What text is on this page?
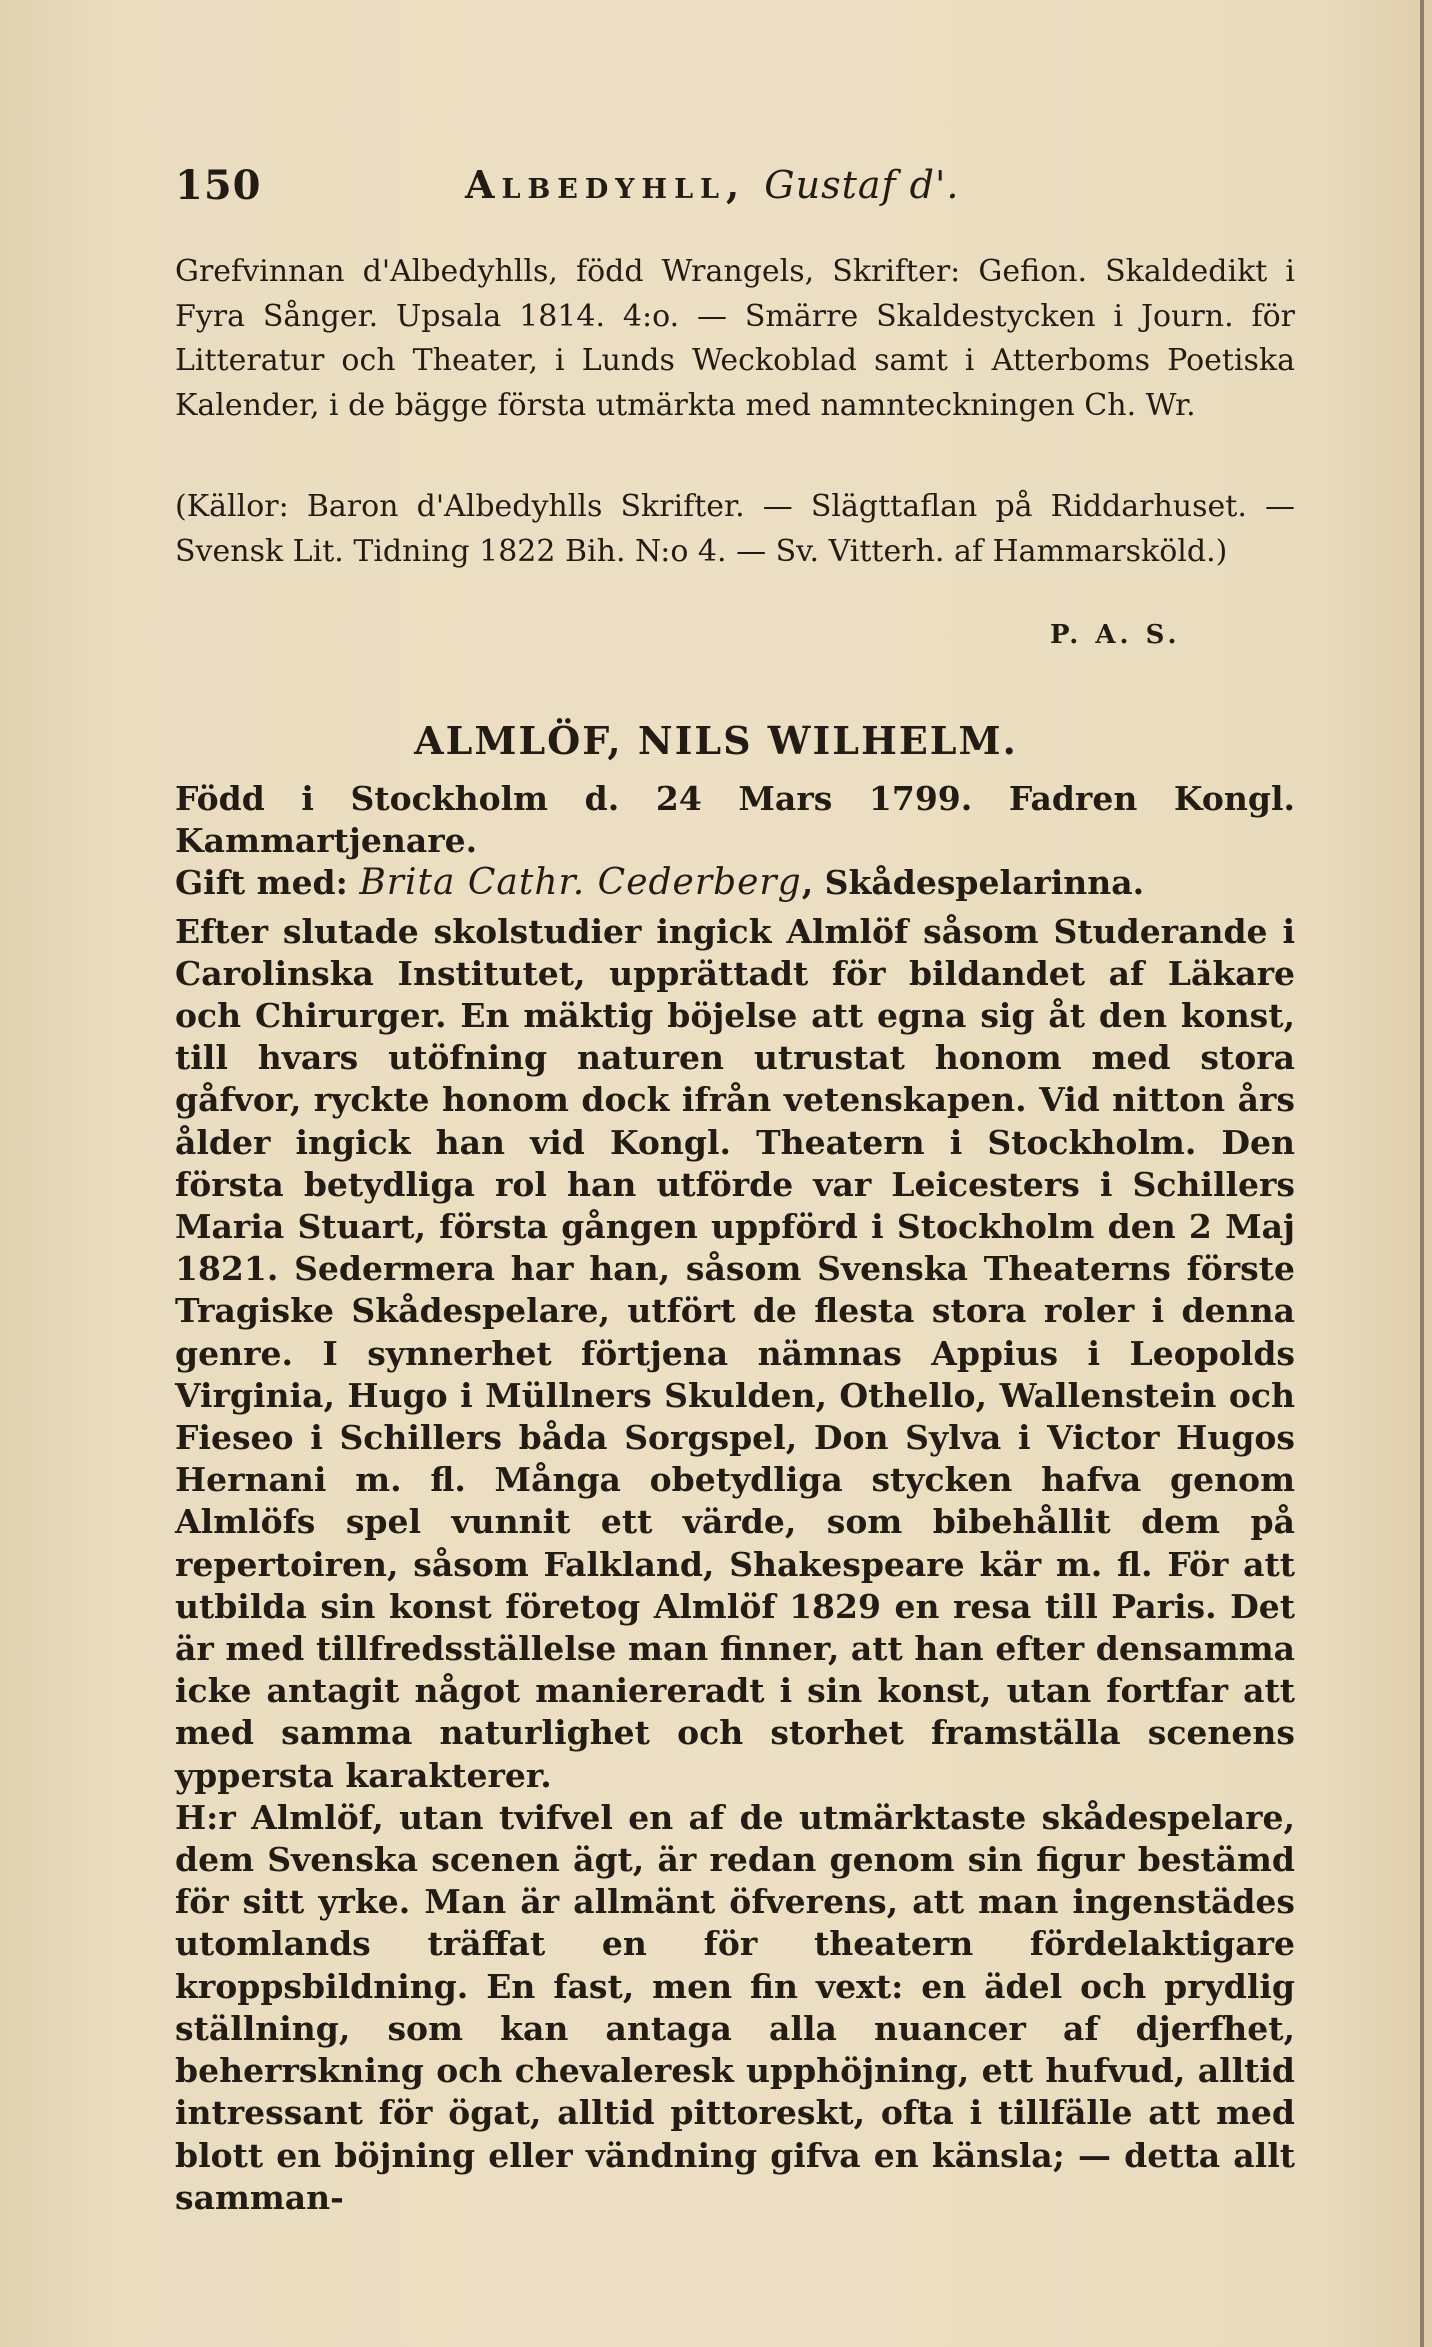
150	Albedyhll, Gustaf d'.

Grefvinnan d'Albedyhlls, född Wrangels, Skrifter: Gefion. Skaldedikt i Fyra Sånger. Upsala 1814. 4:o. — Smärre Skaldestycken i Journ. för Litteratur och Theater, i Lunds Weckoblad samt i Atterboms Poetiska Kalender, i de bägge första utmärkta med namnteckningen Ch. Wr.

(Källor: Baron d'Albedyhlls Skrifter. — Slägttaflan på Riddarhuset. — Svensk Lit. Tidning 1822 Bih. N:o 4. — Sv. Vitterh. af Hammarsköld.)

P. A. S.
ALMLÖF, NILS WILHELM.

Född i Stockholm d. 24 Mars 1799. Fadren Kongl. Kammartjenare.

Gift med: Brita Cathr. Cederberg, Skådespelarinna.

Efter slutade skolstudier ingick Almlöf såsom Studerande i Carolinska Institutet, upprättadt för bildandet af Läkare och Chirurger. En mäktig böjelse att egna sig åt den konst, till hvars utöfning naturen utrustat honom med stora gåfvor, ryckte honom dock ifrån vetenskapen. Vid nitton års ålder ingick han vid Kongl. Theatern i Stockholm. Den första betydliga rol han utförde var Leicesters i Schillers Maria Stuart, första gången uppförd i Stockholm den 2 Maj 1821. Sedermera har han, såsom Svenska Theaterns förste Tragiske Skådespelare, utfört de flesta stora roler i denna genre. I synnerhet förtjena nämnas Appius i Leopolds Virginia, Hugo i Müllners Skulden, Othello, Wallenstein och Fieseo i Schillers båda Sorgspel, Don Sylva i Victor Hugos Hernani m. fl. Många obetydliga stycken hafva genom Almlöfs spel vunnit ett värde, som bibehållit dem på repertoiren, såsom Falkland, Shakespeare kär m. fl. För att utbilda sin konst företog Almlöf 1829 en resa till Paris. Det är med tillfredsställelse man finner, att han efter densamma icke antagit något maniereradt i sin konst, utan fortfar att med samma naturlighet och storhet framställa scenens yppersta karakterer.

H:r Almlöf, utan tvifvel en af de utmärktaste skådespelare, dem Svenska scenen ägt, är redan genom sin figur bestämd för sitt yrke. Man är allmänt öfverens, att man ingenstädes utomlands träffat en för theatern fördelaktigare kroppsbildning. En fast, men fin vext: en ädel och prydlig ställning, som kan antaga alla nuancer af djerfhet, beherrskning och chevaleresk upphöjning, ett hufvud, alltid intressant för ögat, alltid pittoreskt, ofta i tillfälle att med blott en böjning eller vändning gifva en känsla; — detta allt samman-
